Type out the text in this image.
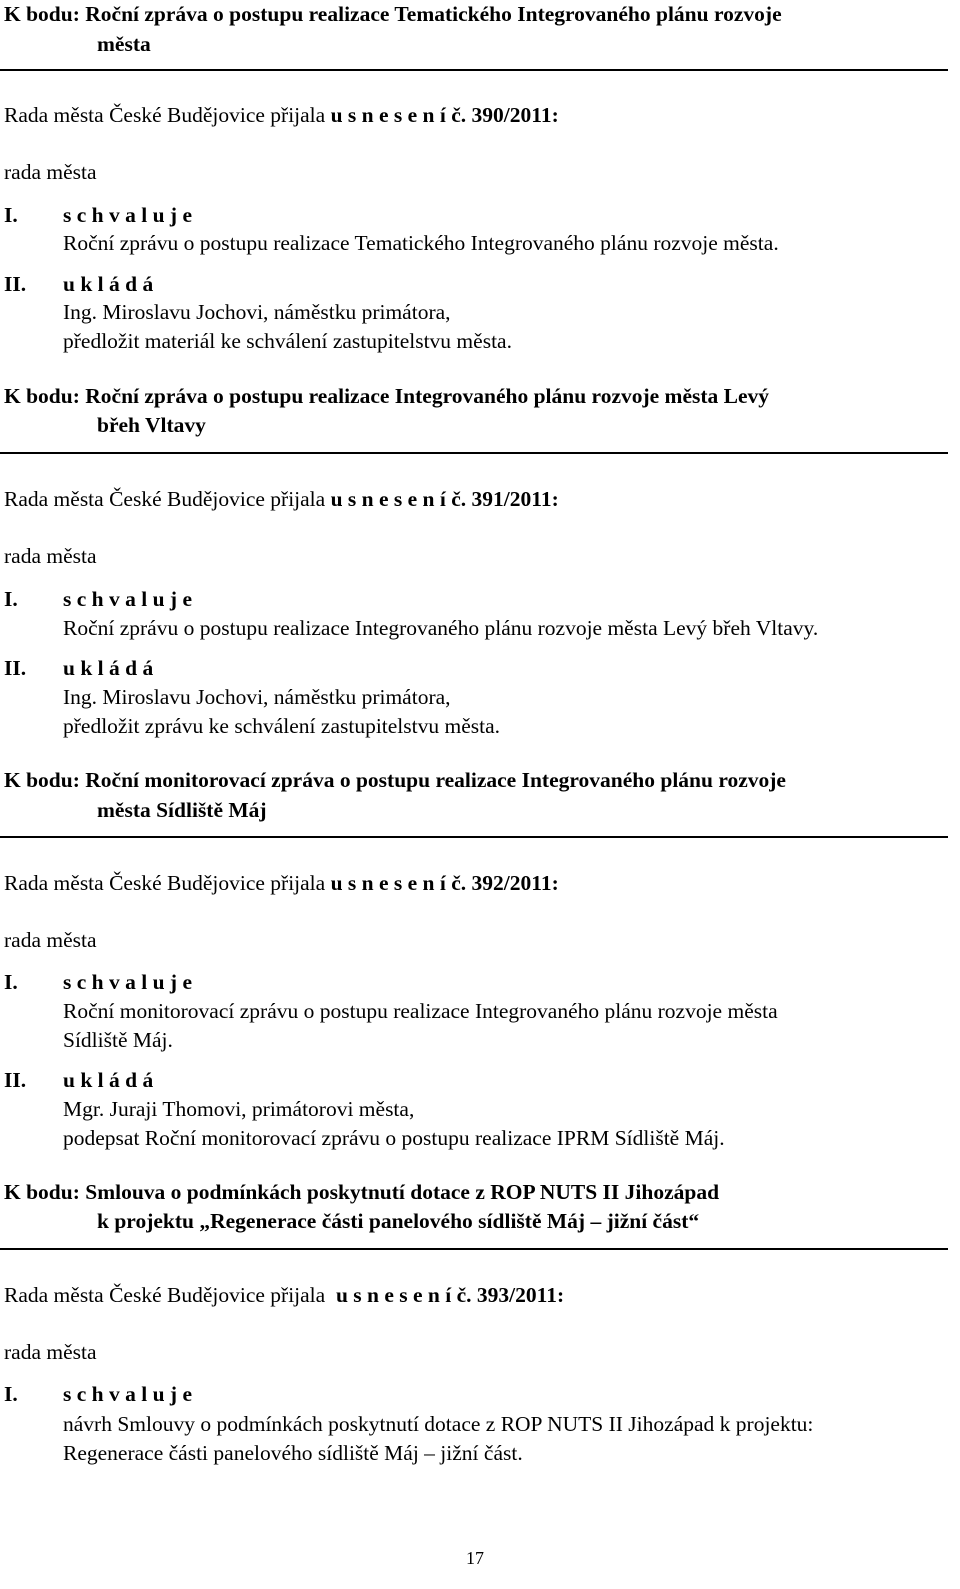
K bodu: Roční zpráva o postupu realizace Tematického Integrovaného plánu rozvoje
města
Rada města České Budějovice přijala u s n e s e n í č. 390/2011:
rada města
I. s c h v a l u j e
Roční zprávu o postupu realizace Tematického Integrovaného plánu rozvoje města.
II. u k l á d á
Ing. Miroslavu Jochovi, náměstku primátora,
předložit materiál ke schválení zastupitelstvu města.
K bodu: Roční zpráva o postupu realizace Integrovaného plánu rozvoje města Levý
břeh Vltavy
Rada města České Budějovice přijala u s n e s e n í č. 391/2011:
rada města
I. s c h v a l u j e
Roční zprávu o postupu realizace Integrovaného plánu rozvoje města Levý břeh Vltavy.
II. u k l á d á
Ing. Miroslavu Jochovi, náměstku primátora,
předložit zprávu ke schválení zastupitelstvu města.
K bodu: Roční monitorovací zpráva o postupu realizace Integrovaného plánu rozvoje
města Sídliště Máj
Rada města České Budějovice přijala u s n e s e n í č. 392/2011:
rada města
I. s c h v a l u j e
Roční monitorovací zprávu o postupu realizace Integrovaného plánu rozvoje města
Sídliště Máj.
II. u k l á d á
Mgr. Juraji Thomovi, primátorovi města,
podepsat Roční monitorovací zprávu o postupu realizace IPRM Sídliště Máj.
K bodu: Smlouva o podmínkách poskytnutí dotace z ROP NUTS II Jihozápad
k projektu „Regenerace části panelového sídliště Máj – jižní část“
Rada města České Budějovice přijala u s n e s e n í č. 393/2011:
rada města
I. s c h v a l u j e
návrh Smlouvy o podmínkách poskytnutí dotace z ROP NUTS II Jihozápad k projektu:
Regenerace části panelového sídliště Máj – jižní část.
17
